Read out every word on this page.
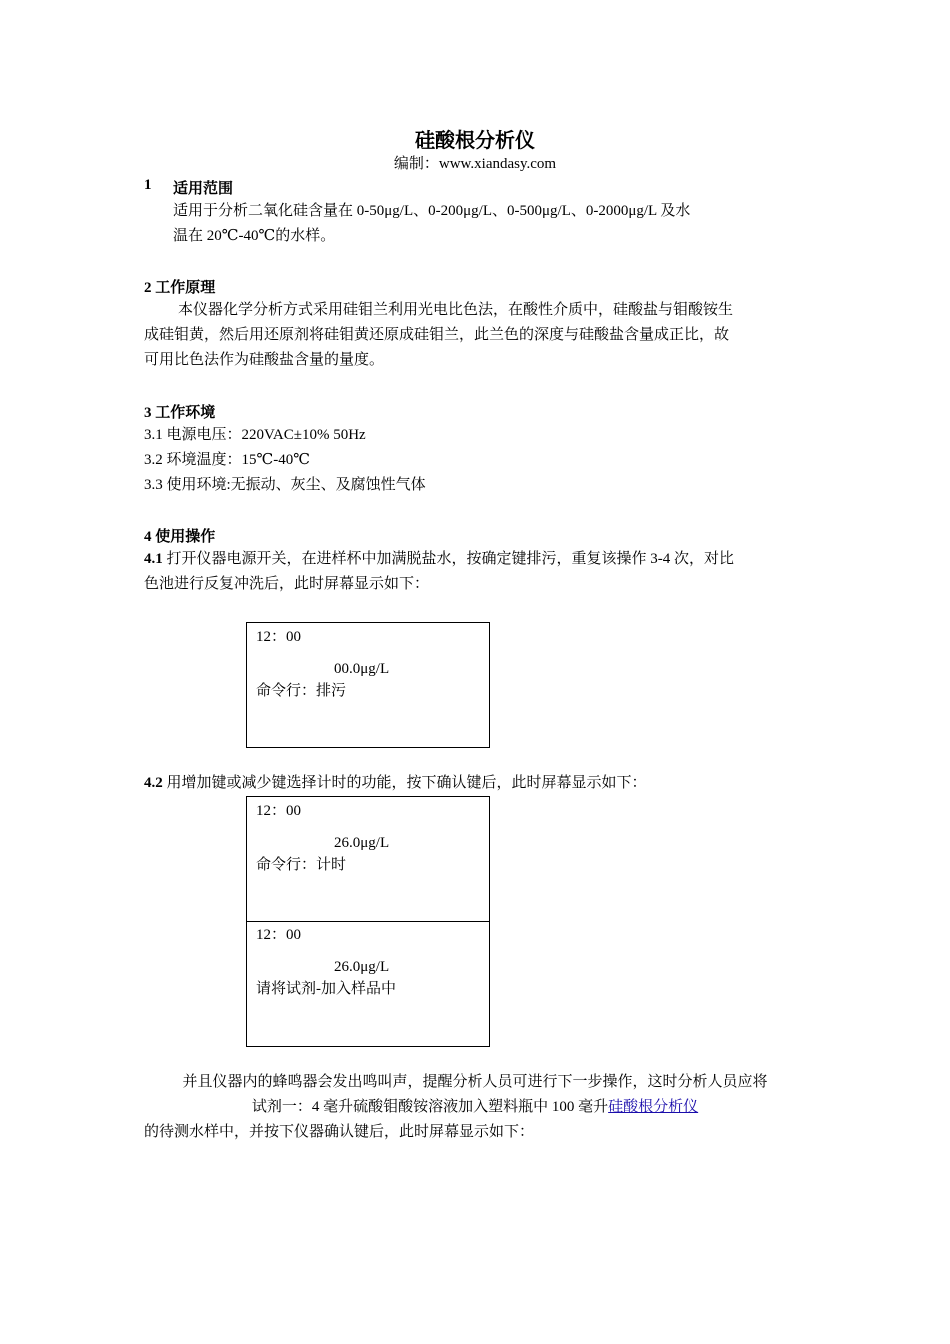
硅酸根分析仪
编制：www.xiandasy.com
1 适用范围
适用于分析二氧化硅含量在 0-50μg/L、0-200μg/L、0-500μg/L、0-2000μg/L 及水
温在 20℃-40℃的水样。
2 工作原理
本仪器化学分析方式采用硅钼兰利用光电比色法，在酸性介质中，硅酸盐与钼酸铵生
成硅钼黄，然后用还原剂将硅钼黄还原成硅钼兰，此兰色的深度与硅酸盐含量成正比，故
可用比色法作为硅酸盐含量的量度。
3 工作环境
3.1 电源电压：220VAC±10% 50Hz
3.2 环境温度：15℃-40℃
3.3 使用环境:无振动、灰尘、及腐蚀性气体
4 使用操作
4.1 打开仪器电源开关，在进样杯中加满脱盐水，按确定键排污，重复该操作 3-4 次，对比
色池进行反复冲洗后，此时屏幕显示如下：
12：00
00.0μg/L
命令行：排污
4.2 用增加键或减少键选择计时的功能，按下确认键后，此时屏幕显示如下：
12：00
26.0μg/L
命令行：计时
12：00
26.0μg/L
请将试剂-加入样品中
并且仪器内的蜂鸣器会发出鸣叫声，提醒分析人员可进行下一步操作，这时分析人员应将
试剂一：4 毫升硫酸钼酸铵溶液加入塑料瓶中 100 毫升硅酸根分析仪
的待测水样中，并按下仪器确认键后，此时屏幕显示如下：
